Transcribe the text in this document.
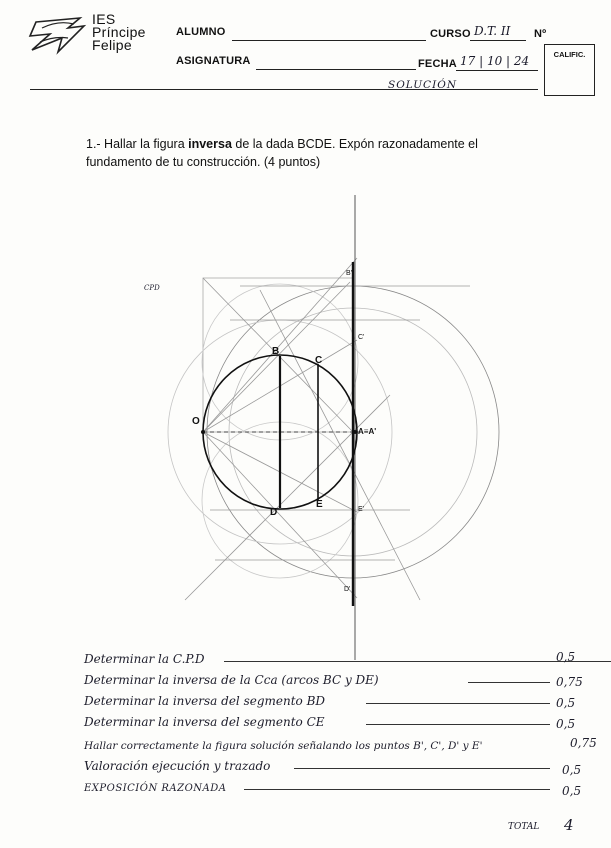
IES
Príncipe
Felipe
ALUMNO	CURSO D.T. II Nº
ASIGNATURA	FECHA 17 | 10 | 24	CALIFIC.
SOLUCIÓN
1.- Hallar la figura inversa de la dada BCDE. Expón razonadamente el fundamento de tu construcción. (4 puntos)
CPD
O
B
C
D
E
A≡A'
C'
E'
B'
D'
Determinar la C.P.D	0,5
Determinar la inversa de la Cca (arcos BC y DE)	0,75
Determinar la inversa del segmento BD	0,5
Determinar la inversa del segmento CE	0,5
Hallar correctamente la figura solución señalando los puntos B', C', D' y E'	0,75
Valoración ejecución y trazado	0,5
EXPOSICIÓN RAZONADA	0,5
TOTAL 4
